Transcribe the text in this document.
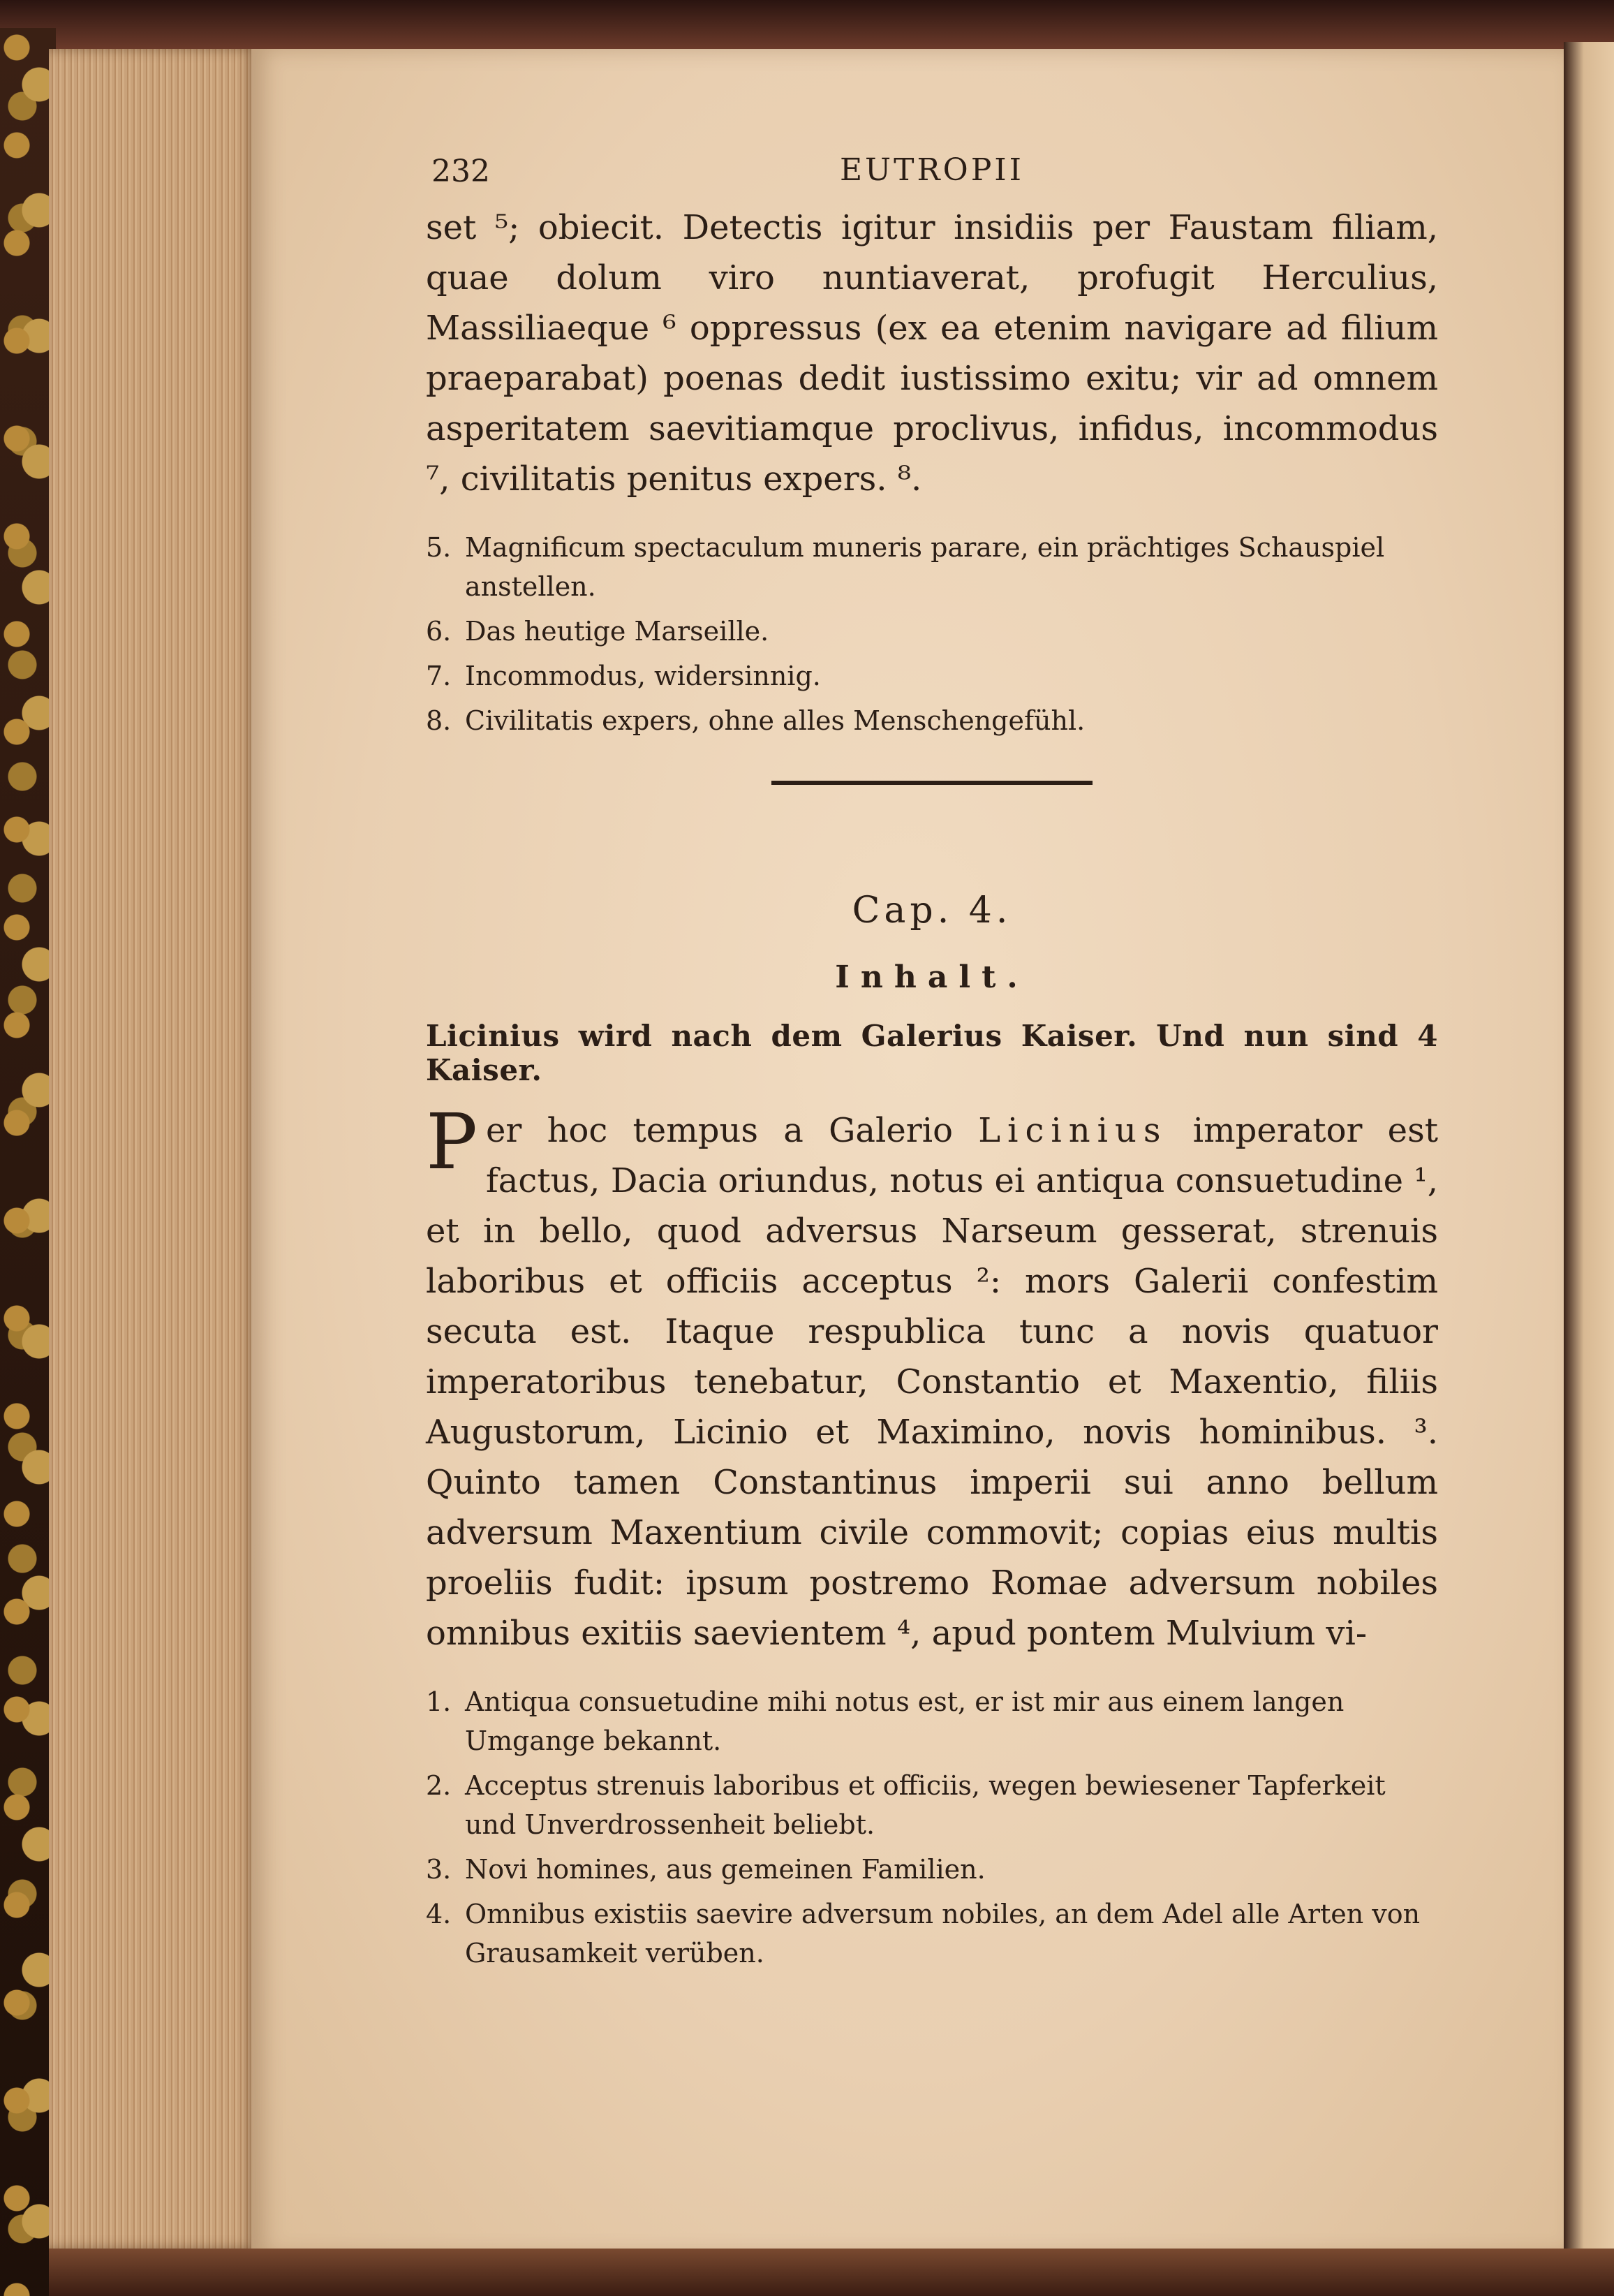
232	EUTROPII

set ⁵; obiecit. Detectis igitur insidiis per Faustam filiam, quae dolum viro nuntiaverat, profugit Herculius, Massiliaeque ⁶ oppressus (ex ea etenim navigare ad filium praeparabat) poenas dedit iustissimo exitu; vir ad omnem asperitatem saevitiamque proclivus, infidus, incommodus ⁷, civilitatis penitus expers. ⁸.

5. Magnificum spectaculum muneris parare, ein prächtiges Schauspiel anstellen.
6. Das heutige Marseille.
7. Incommodus, widersinnig.
8. Civilitatis expers, ohne alles Menschengefühl.
Cap. 4.
Inhalt.
Licinius wird nach dem Galerius Kaiser. Und nun sind 4 Kaiser.

Per hoc tempus a Galerio Licinius imperator est factus, Dacia oriundus, notus ei antiqua consuetudine ¹, et in bello, quod adversus Narseum gesserat, strenuis laboribus et officiis acceptus ²: mors Galerii confestim secuta est. Itaque respublica tunc a novis quatuor imperatoribus tenebatur, Constantio et Maxentio, filiis Augustorum, Licinio et Maximino, novis hominibus. ³. Quinto tamen Constantinus imperii sui anno bellum adversum Maxentium civile commovit; copias eius multis proeliis fudit: ipsum postremo Romae adversum nobiles omnibus exitiis saevientem ⁴, apud pontem Mulvium vi-

1. Antiqua consuetudine mihi notus est, er ist mir aus einem langen Umgange bekannt.
2. Acceptus strenuis laboribus et officiis, wegen bewiesener Tapferkeit und Unverdrossenheit beliebt.
3. Novi homines, aus gemeinen Familien.
4. Omnibus existiis saevire adversum nobiles, an dem Adel alle Arten von Grausamkeit verüben.
